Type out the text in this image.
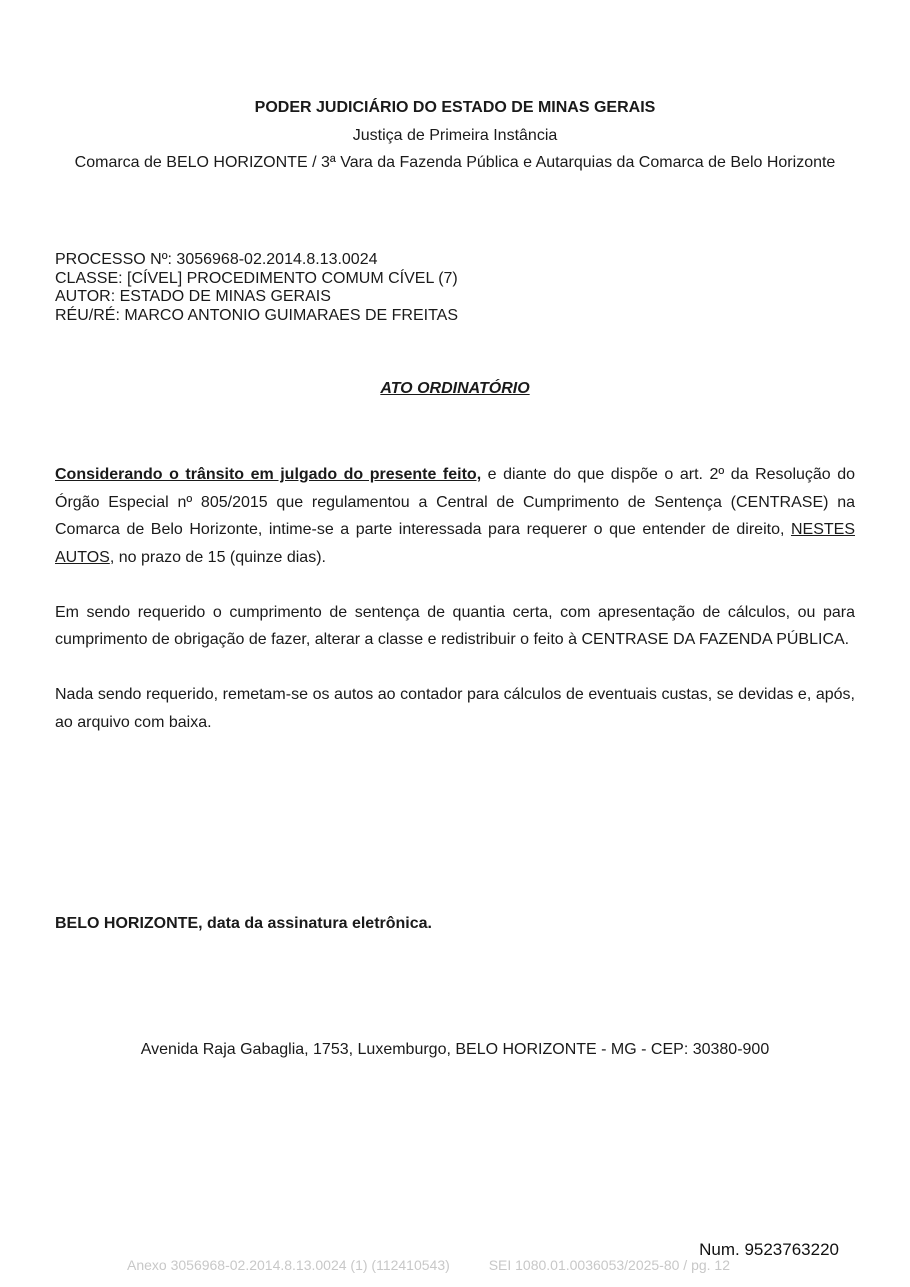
PODER JUDICIÁRIO DO ESTADO DE MINAS GERAIS
Justiça de Primeira Instância
Comarca de BELO HORIZONTE / 3ª Vara da Fazenda Pública e Autarquias da Comarca de Belo Horizonte
PROCESSO Nº: 3056968-02.2014.8.13.0024
CLASSE: [CÍVEL] PROCEDIMENTO COMUM CÍVEL (7)
AUTOR: ESTADO DE MINAS GERAIS
RÉU/RÉ: MARCO ANTONIO GUIMARAES DE FREITAS
ATO ORDINATÓRIO

Considerando o trânsito em julgado do presente feito, e diante do que dispõe o art. 2º da Resolução do Órgão Especial nº 805/2015 que regulamentou a Central de Cumprimento de Sentença (CENTRASE) na Comarca de Belo Horizonte, intime-se a parte interessada para requerer o que entender de direito, NESTES AUTOS, no prazo de 15 (quinze dias).

Em sendo requerido o cumprimento de sentença de quantia certa, com apresentação de cálculos, ou para cumprimento de obrigação de fazer, alterar a classe e redistribuir o feito à CENTRASE DA FAZENDA PÚBLICA.

Nada sendo requerido, remetam-se os autos ao contador para cálculos de eventuais custas, se devidas e, após, ao arquivo com baixa.

BELO HORIZONTE, data da assinatura eletrônica.
Avenida Raja Gabaglia, 1753, Luxemburgo, BELO HORIZONTE - MG - CEP: 30380-900
Num. 9523763220
Anexo 3056968-02.2014.8.13.0024 (1) (112410543)	SEI 1080.01.0036053/2025-80 / pg. 12
